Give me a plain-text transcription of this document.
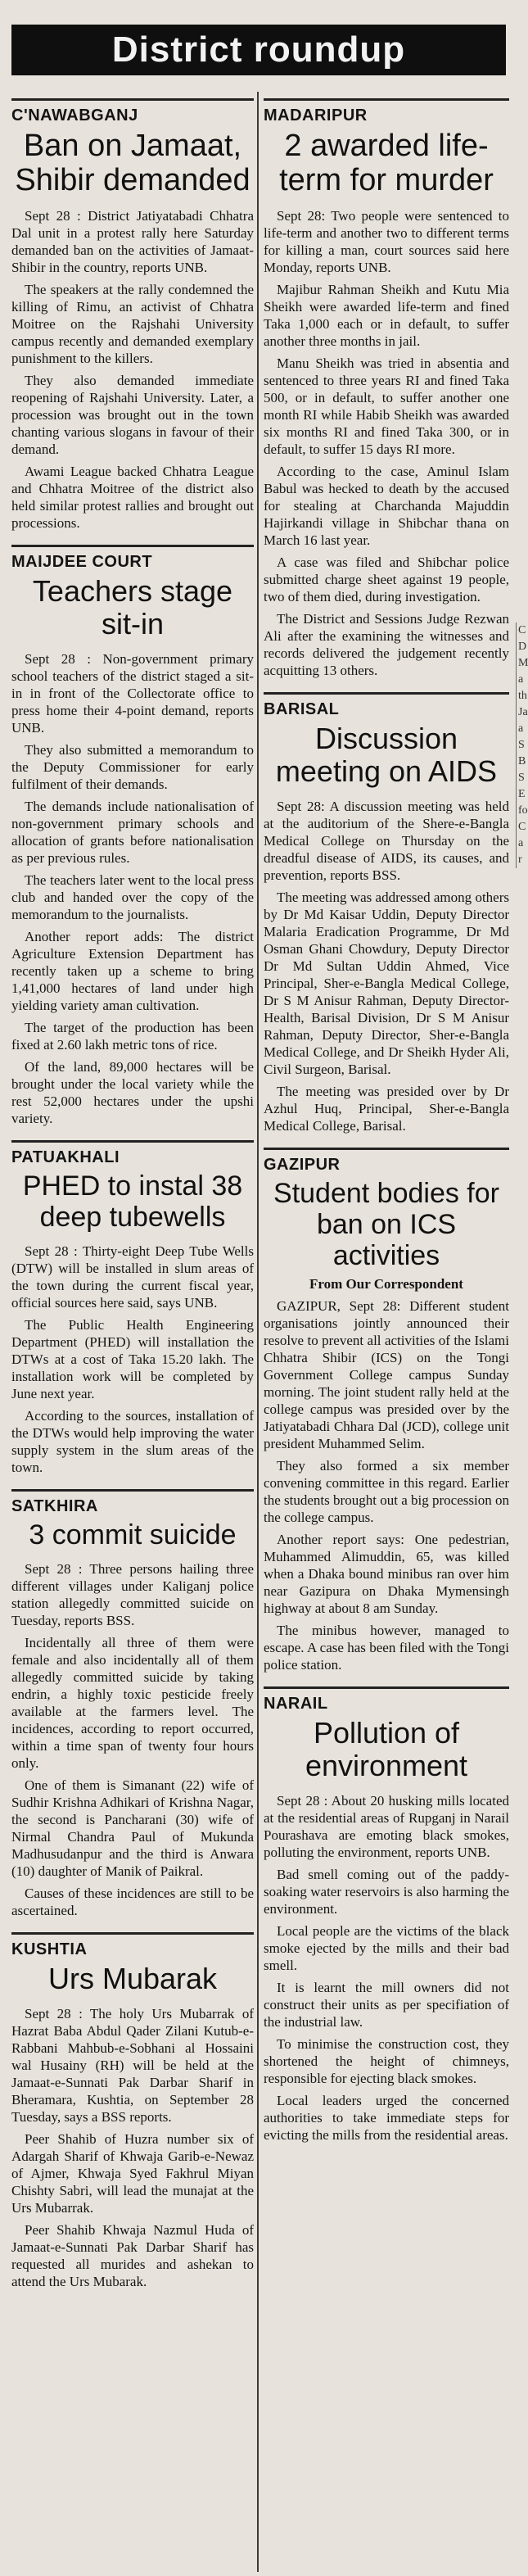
District roundup
C'NAWABGANJ
Ban on Jamaat, Shibir demanded

Sept 28 : District Jatiyatabadi Chhatra Dal unit in a protest rally here Saturday demanded ban on the activities of Jamaat-Shibir in the country, reports UNB.

The speakers at the rally condemned the killing of Rimu, an activist of Chhatra Moitree on the Rajshahi University campus recently and demanded exemplary punishment to the killers.

They also demanded immediate reopening of Rajshahi University. Later, a procession was brought out in the town chanting various slogans in favour of their demand.

Awami League backed Chhatra League and Chhatra Moitree of the district also held similar protest rallies and brought out processions.

MAIJDEE COURT
Teachers stage sit-in

Sept 28 : Non-government primary school teachers of the district staged a sit-in in front of the Collectorate office to press home their 4-point demand, reports UNB.

They also submitted a memorandum to the Deputy Commissioner for early fulfilment of their demands.

The demands include nationalisation of non-government primary schools and allocation of grants before nationalisation as per previous rules.

The teachers later went to the local press club and handed over the copy of the memorandum to the journalists.

Another report adds: The district Agriculture Extension Department has recently taken up a scheme to bring 1,41,000 hectares of land under high yielding variety aman cultivation.

The target of the production has been fixed at 2.60 lakh metric tons of rice.

Of the land, 89,000 hectares will be brought under the local variety while the rest 52,000 hectares under the upshi variety.

PATUAKHALI
PHED to instal 38 deep tubewells

Sept 28 : Thirty-eight Deep Tube Wells (DTW) will be installed in slum areas of the town during the current fiscal year, official sources here said, says UNB.

The Public Health Engineering Department (PHED) will installation the DTWs at a cost of Taka 15.20 lakh. The installation work will be completed by June next year.

According to the sources, installation of the DTWs would help improving the water supply system in the slum areas of the town.

SATKHIRA
3 commit suicide

Sept 28 : Three persons hailing three different villages under Kaliganj police station allegedly committed suicide on Tuesday, reports BSS.

Incidentally all three of them were female and also incidentally all of them allegedly committed suicide by taking endrin, a highly toxic pesticide freely available at the farmers level. The incidences, according to report occurred, within a time span of twenty four hours only.

One of them is Simanant (22) wife of Sudhir Krishna Adhikari of Krishna Nagar, the second is Pancharani (30) wife of Nirmal Chandra Paul of Mukunda Madhusudanpur and the third is Anwara (10) daughter of Manik of Paikral.

Causes of these incidences are still to be ascertained.

KUSHTIA
Urs Mubarak

Sept 28 : The holy Urs Mubarrak of Hazrat Baba Abdul Qader Zilani Kutub-e-Rabbani Mahbub-e-Sobhani al Hossaini wal Husainy (RH) will be held at the Jamaat-e-Sunnati Pak Darbar Sharif in Bheramara, Kushtia, on September 28 Tuesday, says a BSS reports.

Peer Shahib of Huzra number six of Adargah Sharif of Khwaja Garib-e-Newaz of Ajmer, Khwaja Syed Fakhrul Miyan Chishty Sabri, will lead the munajat at the Urs Mubarrak.

Peer Shahib Khwaja Nazmul Huda of Jamaat-e-Sunnati Pak Darbar Sharif has requested all murides and ashekan to attend the Urs Mubarak.

MADARIPUR
2 awarded life-term for murder

Sept 28: Two people were sentenced to life-term and another two to different terms for killing a man, court sources said here Monday, reports UNB.

Majibur Rahman Sheikh and Kutu Mia Sheikh were awarded life-term and fined Taka 1,000 each or in default, to suffer another three months in jail.

Manu Sheikh was tried in absentia and sentenced to three years RI and fined Taka 500, or in default, to suffer another one month RI while Habib Sheikh was awarded six months RI and fined Taka 300, or in default, to suffer 15 days RI more.

According to the case, Aminul Islam Babul was hecked to death by the accused for stealing at Charchanda Majuddin Hajirkandi village in Shibchar thana on March 16 last year.

A case was filed and Shibchar police submitted charge sheet against 19 people, two of them died, during investigation.

The District and Sessions Judge Rezwan Ali after the examining the witnesses and records delivered the judgement recently acquitting 13 others.

BARISAL
Discussion meeting on AIDS

Sept 28: A discussion meeting was held at the auditorium of the Shere-e-Bangla Medical College on Thursday on the dreadful disease of AIDS, its causes, and prevention, reports BSS.

The meeting was addressed among others by Dr Md Kaisar Uddin, Deputy Director Malaria Eradication Programme, Dr Md Osman Ghani Chowdury, Deputy Director Dr Md Sultan Uddin Ahmed, Vice Principal, Sher-e-Bangla Medical College, Dr S M Anisur Rahman, Deputy Director-Health, Barisal Division, Dr S M Anisur Rahman, Deputy Director, Sher-e-Bangla Medical College, and Dr Sheikh Hyder Ali, Civil Surgeon, Barisal.

The meeting was presided over by Dr Azhul Huq, Principal, Sher-e-Bangla Medical College, Barisal.

GAZIPUR
Student bodies for ban on ICS activities
From Our Correspondent

GAZIPUR, Sept 28: Different student organisations jointly announced their resolve to prevent all activities of the Islami Chhatra Shibir (ICS) on the Tongi Government College campus Sunday morning. The joint student rally held at the college campus was presided over by the Jatiyatabadi Chhara Dal (JCD), college unit president Muhammed Selim.

They also formed a six member convening committee in this regard. Earlier the students brought out a big procession on the college campus.

Another report says: One pedestrian, Muhammed Alimuddin, 65, was killed when a Dhaka bound minibus ran over him near Gazipura on Dhaka Mymensingh highway at about 8 am Sunday.

The minibus however, managed to escape. A case has been filed with the Tongi police station.

NARAIL
Pollution of environment

Sept 28 : About 20 husking mills located at the residential areas of Rupganj in Narail Pourashava are emoting black smokes, polluting the environment, reports UNB.

Bad smell coming out of the paddy-soaking water reservoirs is also harming the environment.

Local people are the victims of the black smoke ejected by the mills and their bad smell.

It is learnt the mill owners did not construct their units as per specifiation of the industrial law.

To minimise the construction cost, they shortened the height of chimneys, responsible for ejecting black smokes.

Local leaders urged the concerned authorities to take immediate steps for evicting the mills from the residential areas.

C
D
M
a
th
Ja
a
S
B
S
E
fo
C
a
r
